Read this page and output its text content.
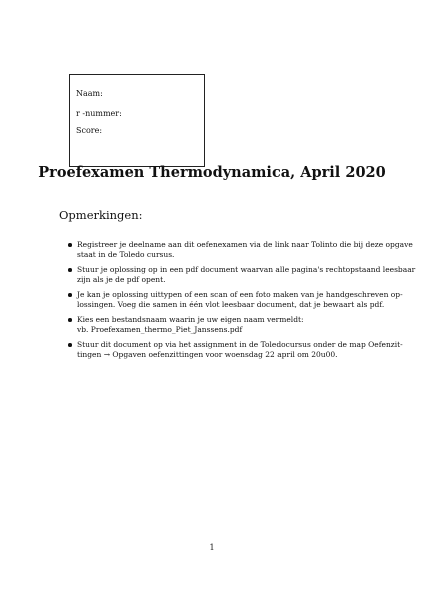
Naam:
r -nummer:
Score:
Proefexamen Thermodynamica, April 2020
Opmerkingen:
Registreer je deelname aan dit oefenexamen via de link naar Tolinto die bij deze opgave
staat in de Toledo cursus.
Stuur je oplossing op in een pdf document waarvan alle pagina's rechtopstaand leesbaar
zijn als je de pdf opent.
Je kan je oplossing uittypen of een scan of een foto maken van je handgeschreven op-
lossingen. Voeg die samen in één vlot leesbaar document, dat je bewaart als pdf.
Kies een bestandsnaam waarin je uw eigen naam vermeldt:
vb. Proefexamen_thermo_Piet_Janssens.pdf
Stuur dit document op via het assignment in de Toledocursus onder de map Oefenzit-
tingen → Opgaven oefenzittingen voor woensdag 22 april om 20u00.
1
